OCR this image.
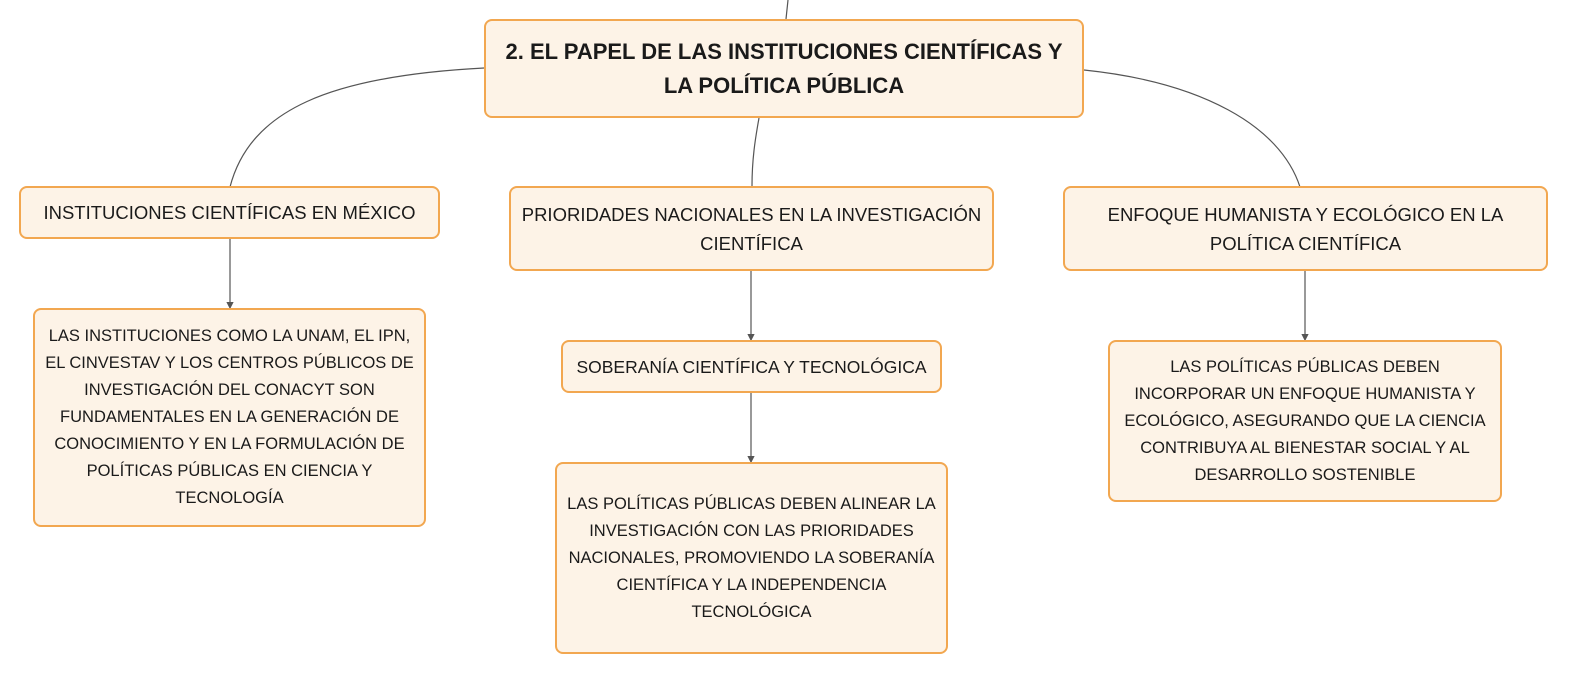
2. EL PAPEL DE LAS INSTITUCIONES CIENTÍFICAS Y LA POLÍTICA PÚBLICA
INSTITUCIONES CIENTÍFICAS EN MÉXICO	PRIORIDADES NACIONALES EN LA INVESTIGACIÓN CIENTÍFICA
ENFOQUE HUMANISTA Y ECOLÓGICO EN LA POLÍTICA CIENTÍFICA
LAS INSTITUCIONES COMO LA UNAM, EL IPN, EL CINVESTAV Y LOS CENTROS PÚBLICOS DE INVESTIGACIÓN DEL CONACYT SON FUNDAMENTALES EN LA GENERACIÓN DE CONOCIMIENTO Y EN LA FORMULACIÓN DE POLÍTICAS PÚBLICAS EN CIENCIA Y TECNOLOGÍA
SOBERANÍA CIENTÍFICA Y TECNOLÓGICA
LAS POLÍTICAS PÚBLICAS DEBEN ALINEAR LA INVESTIGACIÓN CON LAS PRIORIDADES NACIONALES, PROMOVIENDO LA SOBERANÍA CIENTÍFICA Y LA INDEPENDENCIA TECNOLÓGICA
LAS POLÍTICAS PÚBLICAS DEBEN INCORPORAR UN ENFOQUE HUMANISTA Y ECOLÓGICO, ASEGURANDO QUE LA CIENCIA CONTRIBUYA AL BIENESTAR SOCIAL Y AL DESARROLLO SOSTENIBLE
